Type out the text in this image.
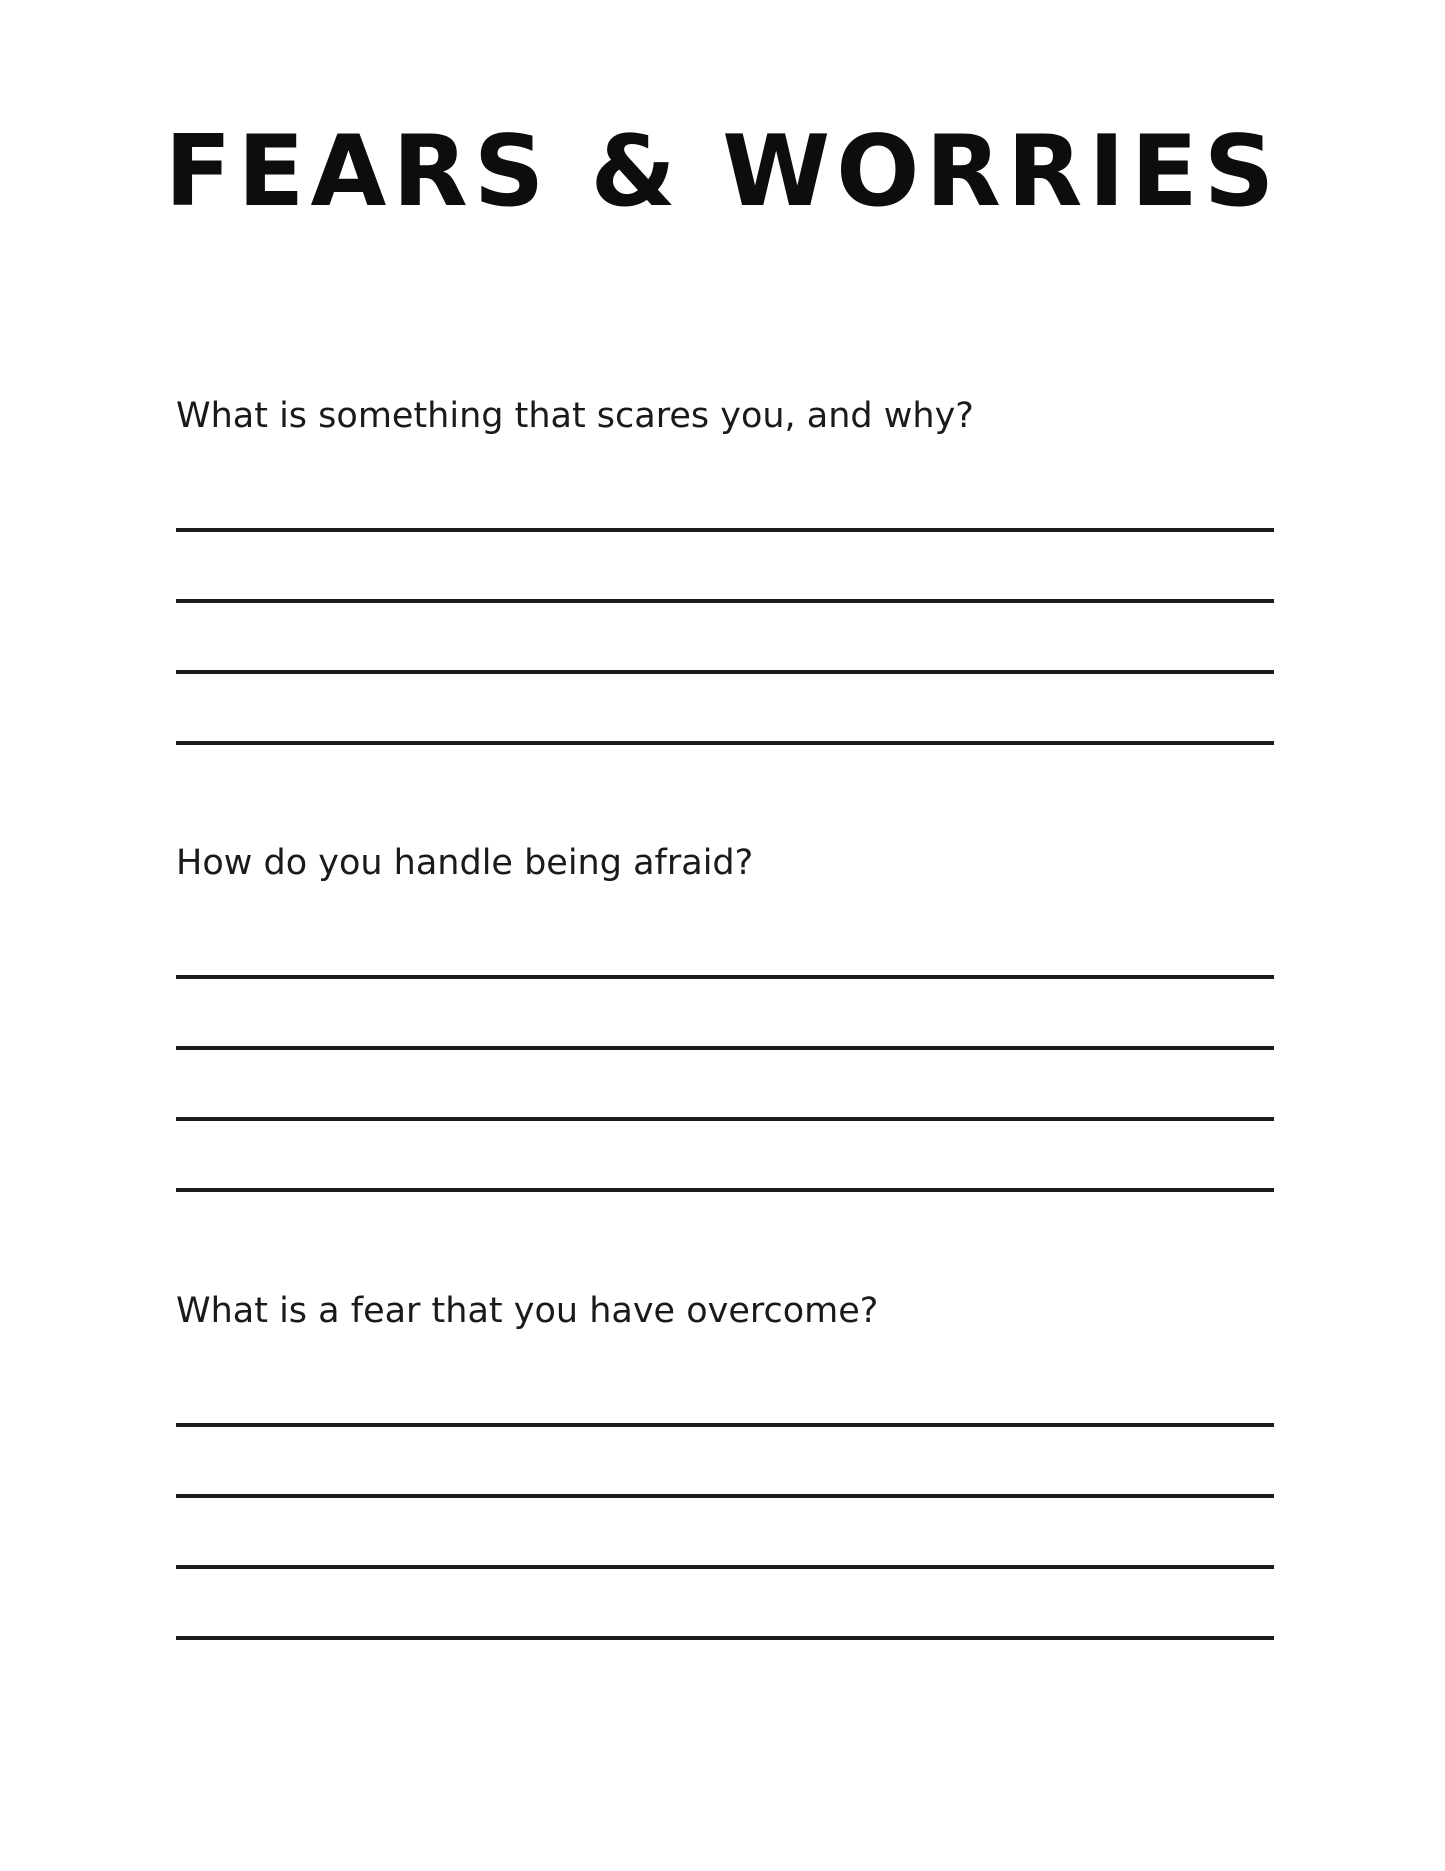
FEARS & WORRIES

What is something that scares you, and why?

How do you handle being afraid?

What is a fear that you have overcome?
